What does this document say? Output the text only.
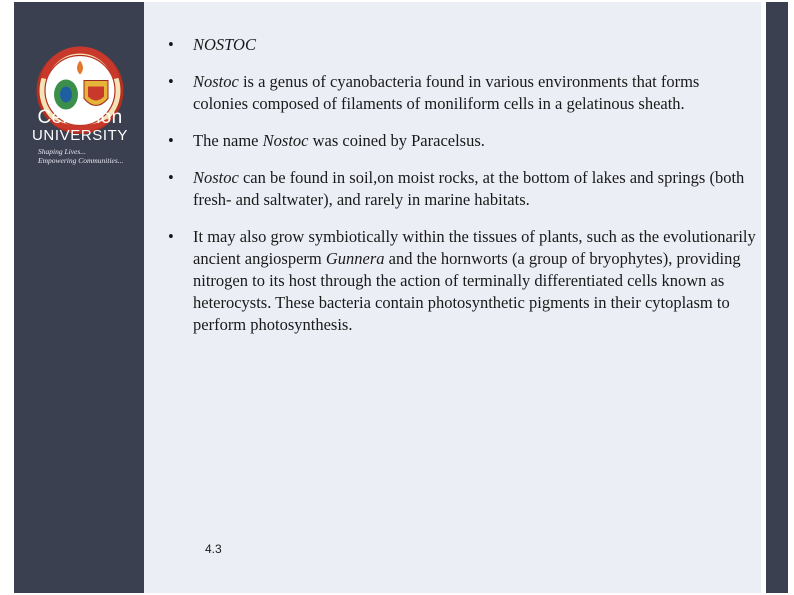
Centurion
UNIVERSITY
Shaping Lives...
Empowering Communities...
• NOSTOC
• Nostoc is a genus of cyanobacteria found in various environments that forms colonies composed of filaments of moniliform cells in a gelatinous sheath.
• The name Nostoc was coined by Paracelsus.
• Nostoc can be found in soil,on moist rocks, at the bottom of lakes and springs (both fresh- and saltwater), and rarely in marine habitats.
• It may also grow symbiotically within the tissues of plants, such as the evolutionarily ancient angiosperm Gunnera and the hornworts (a group of bryophytes), providing nitrogen to its host through the action of terminally differentiated cells known as heterocysts. These bacteria contain photosynthetic pigments in their cytoplasm to perform photosynthesis.
4.3
